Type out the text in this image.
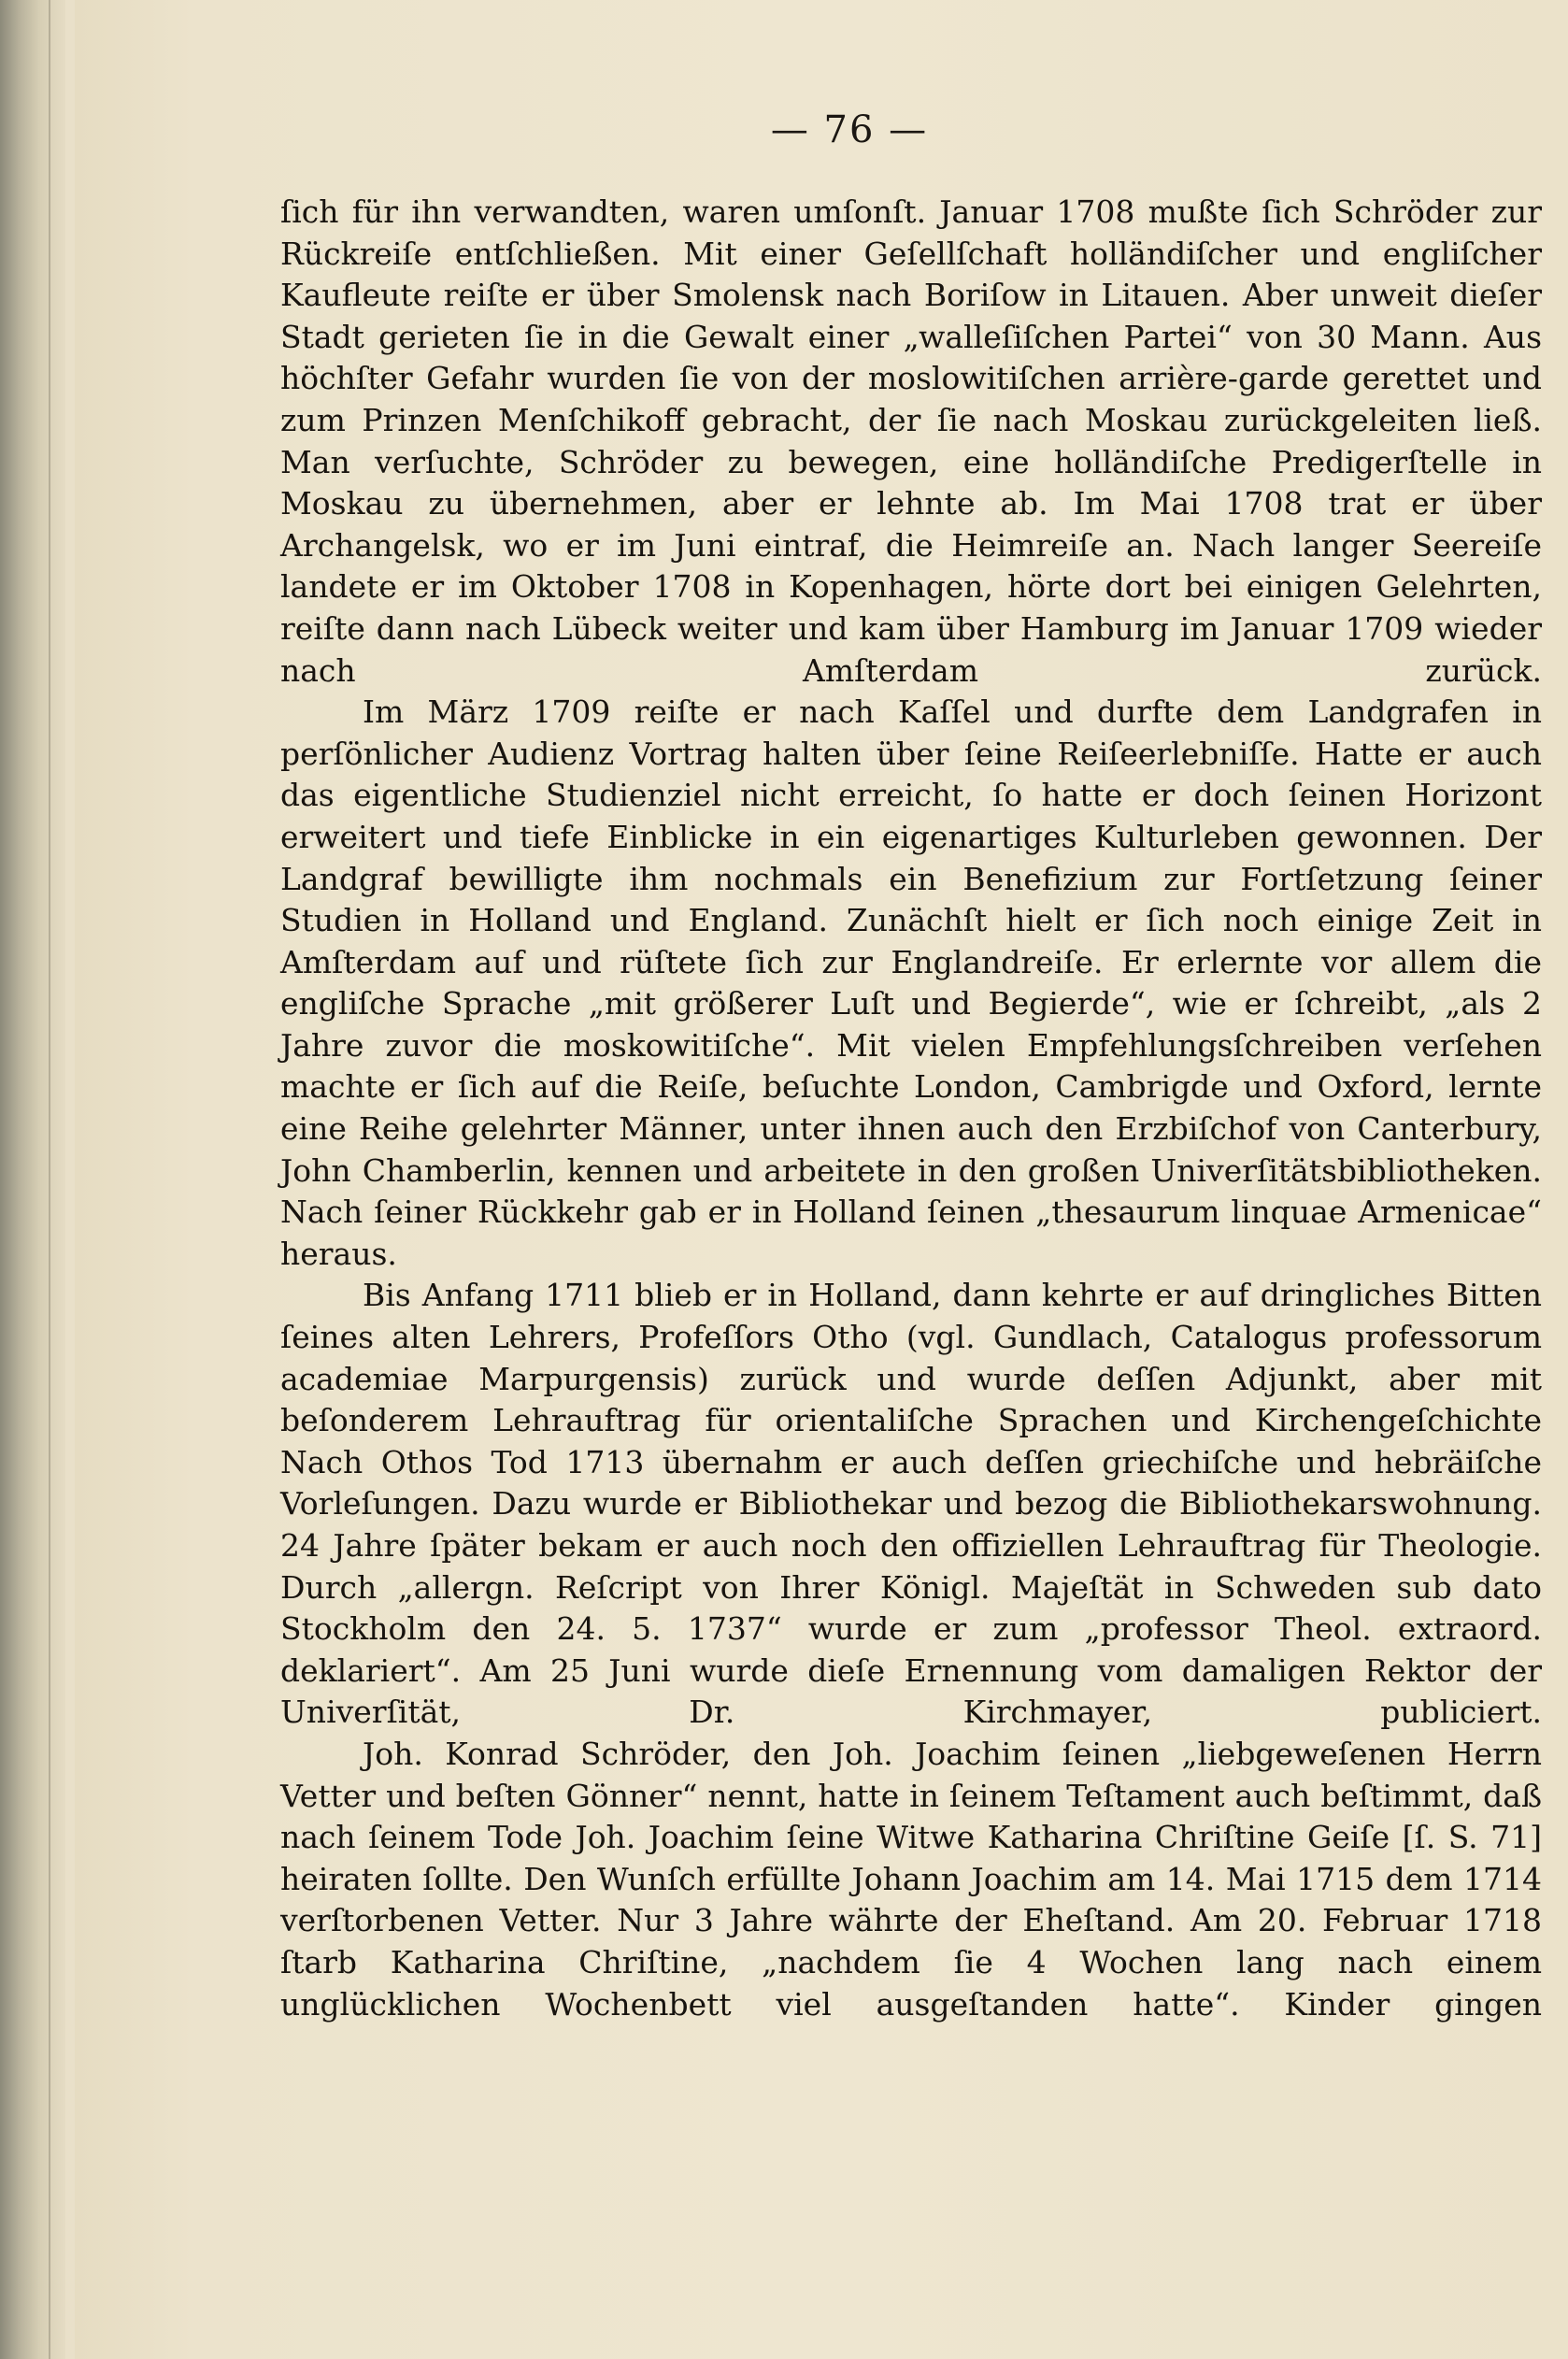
— 76 —

ſich für ihn verwandten, waren umſonſt. Januar 1708 mußte ſich Schröder zur Rückreiſe entſchließen. Mit einer Geſellſchaft holländiſcher und engliſcher Kaufleute reiſte er über Smolensk nach Boriſow in Litauen. Aber unweit dieſer Stadt gerieten ſie in die Gewalt einer „walleſiſchen Partei“ von 30 Mann. Aus höchſter Gefahr wurden ſie von der moslowitiſchen arrière-garde gerettet und zum Prinzen Menſchikoff gebracht, der ſie nach Moskau zurückgeleiten ließ. Man verſuchte, Schröder zu bewegen, eine holländiſche Predigerſtelle in Moskau zu übernehmen, aber er lehnte ab. Im Mai 1708 trat er über Archangelsk, wo er im Juni eintraf, die Heimreiſe an. Nach langer Seereiſe landete er im Oktober 1708 in Kopenhagen, hörte dort bei einigen Gelehrten, reiſte dann nach Lübeck weiter und kam über Hamburg im Januar 1709 wieder nach Amſterdam zurück.

Im März 1709 reiſte er nach Kaſſel und durfte dem Landgrafen in perſönlicher Audienz Vortrag halten über ſeine Reiſeerlebniſſe. Hatte er auch das eigentliche Studienziel nicht erreicht, ſo hatte er doch ſeinen Horizont erweitert und tiefe Einblicke in ein eigenartiges Kulturleben gewonnen. Der Landgraf bewilligte ihm nochmals ein Benefizium zur Fortſetzung ſeiner Studien in Holland und England. Zunächſt hielt er ſich noch einige Zeit in Amſterdam auf und rüſtete ſich zur Englandreiſe. Er erlernte vor allem die engliſche Sprache „mit größerer Luſt und Begierde“, wie er ſchreibt, „als 2 Jahre zuvor die moskowitiſche“. Mit vielen Empfehlungsſchreiben verſehen machte er ſich auf die Reiſe, beſuchte London, Cambrigde und Oxford, lernte eine Reihe gelehrter Männer, unter ihnen auch den Erzbiſchof von Canterbury, John Chamberlin, kennen und arbeitete in den großen Univerſitätsbibliotheken. Nach ſeiner Rückkehr gab er in Holland ſeinen „thesaurum linquae Armenicae“ heraus.

Bis Anfang 1711 blieb er in Holland, dann kehrte er auf dringliches Bitten ſeines alten Lehrers, Profeſſors Otho (vgl. Gundlach, Catalogus professorum academiae Marpurgensis) zurück und wurde deſſen Adjunkt, aber mit beſonderem Lehrauftrag für orientaliſche Sprachen und Kirchengeſchichte Nach Othos Tod 1713 übernahm er auch deſſen griechiſche und hebräiſche Vorleſungen. Dazu wurde er Bibliothekar und bezog die Bibliothekarswohnung. 24 Jahre ſpäter bekam er auch noch den offiziellen Lehrauftrag für Theologie. Durch „allergn. Reſcript von Ihrer Königl. Majeſtät in Schweden sub dato Stockholm den 24. 5. 1737“ wurde er zum „professor Theol. extraord. deklariert“. Am 25 Juni wurde dieſe Ernennung vom damaligen Rektor der Univerſität, Dr. Kirchmayer, publiciert.

Joh. Konrad Schröder, den Joh. Joachim ſeinen „liebgeweſenen Herrn Vetter und beſten Gönner“ nennt, hatte in ſeinem Teſtament auch beſtimmt, daß nach ſeinem Tode Joh. Joachim ſeine Witwe Katharina Chriſtine Geiſe [ſ. S. 71] heiraten ſollte. Den Wunſch erfüllte Johann Joachim am 14. Mai 1715 dem 1714 verſtorbenen Vetter. Nur 3 Jahre währte der Eheſtand. Am 20. Februar 1718 ſtarb Katharina Chriſtine, „nachdem ſie 4 Wochen lang nach einem unglücklichen Wochenbett viel ausgeſtanden hatte“. Kinder gingen
